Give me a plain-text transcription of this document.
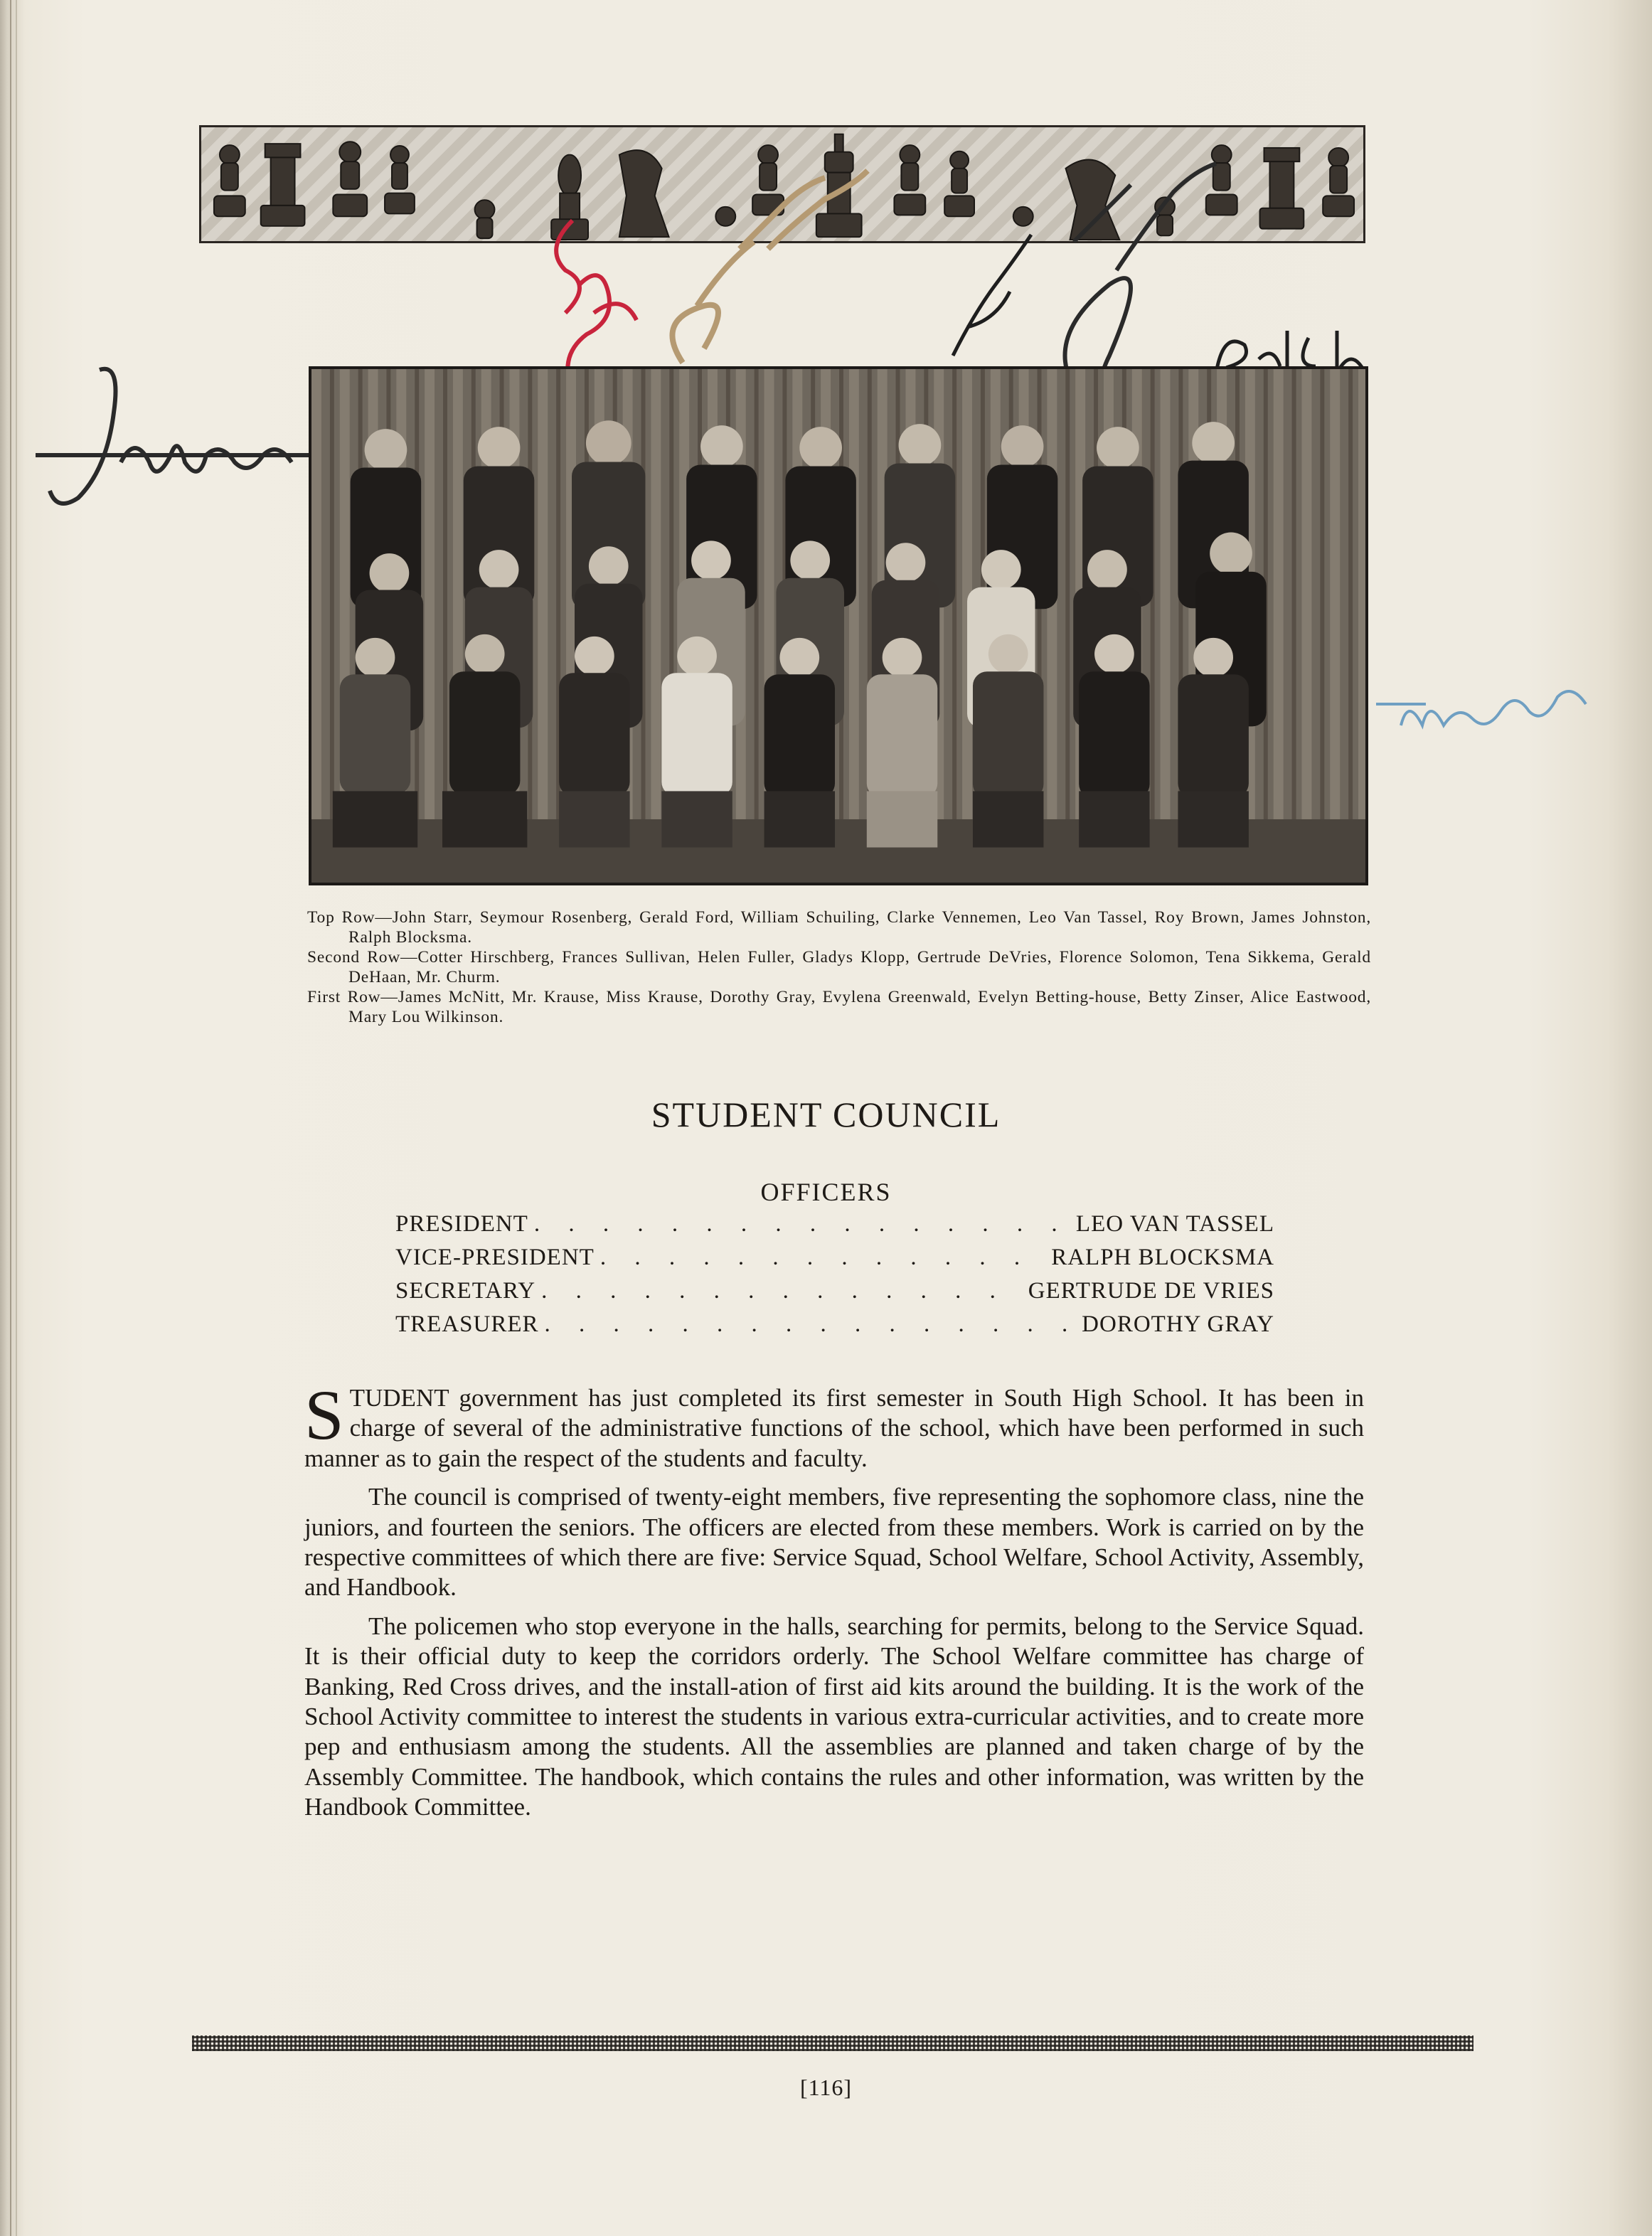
Top Row—John Starr, Seymour Rosenberg, Gerald Ford, William Schuiling, Clarke Vennemen, Leo Van Tassel, Roy Brown, James Johnston, Ralph Blocksma.

Second Row—Cotter Hirschberg, Frances Sullivan, Helen Fuller, Gladys Klopp, Gertrude DeVries, Florence Solomon, Tena Sikkema, Gerald DeHaan, Mr. Churm.

First Row—James McNitt, Mr. Krause, Miss Krause, Dorothy Gray, Evylena Greenwald, Evelyn Betting-house, Betty Zinser, Alice Eastwood, Mary Lou Wilkinson.

STUDENT COUNCIL
OFFICERS
PRESIDENT . . .	LEO VAN TASSEL
VICE-PRESIDENT . . .	RALPH BLOCKSMA
SECRETARY . . .	GERTRUDE DE VRIES
TREASURER . . .	DOROTHY GRAY

STUDENT government has just completed its first semester in South High School. It has been in charge of several of the administrative functions of the school, which have been performed in such manner as to gain the respect of the students and faculty.

The council is comprised of twenty-eight members, five representing the sophomore class, nine the juniors, and fourteen the seniors. The officers are elected from these members. Work is carried on by the respective committees of which there are five: Service Squad, School Welfare, School Activity, Assembly, and Handbook.

The policemen who stop everyone in the halls, searching for permits, belong to the Service Squad. It is their official duty to keep the corridors orderly. The School Welfare committee has charge of Banking, Red Cross drives, and the install-ation of first aid kits around the building. It is the work of the School Activity committee to interest the students in various extra-curricular activities, and to create more pep and enthusiasm among the students. All the assemblies are planned and taken charge of by the Assembly Committee. The handbook, which contains the rules and other information, was written by the Handbook Committee.

[116]
